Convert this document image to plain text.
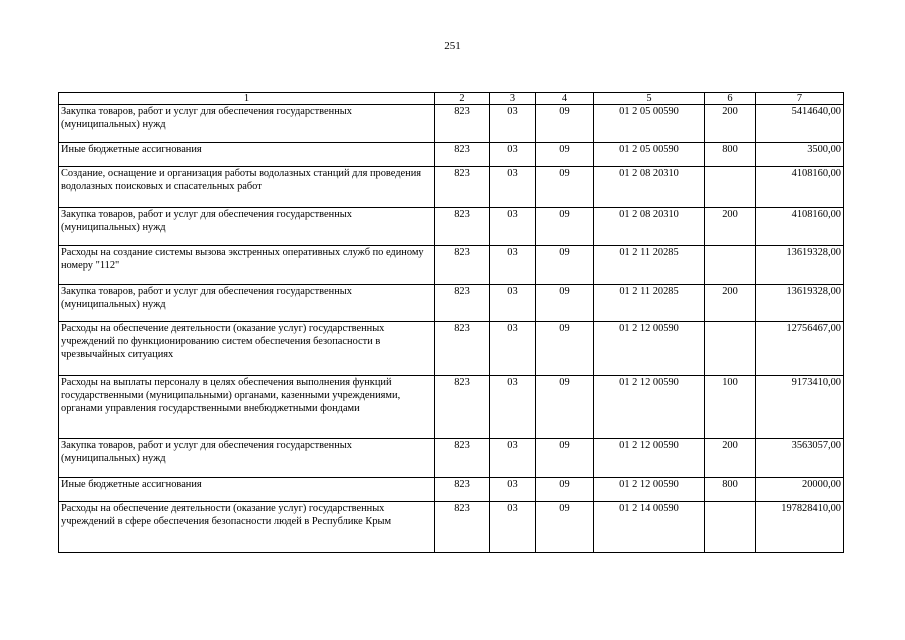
251
1	2	3	4	5	6	7
Закупка товаров, работ и услуг для обеспечения государственных (муниципальных) нужд	823	03	09	01 2 05 00590	200	5414640,00
Иные бюджетные ассигнования	823	03	09	01 2 05 00590	800	3500,00
Создание, оснащение и организация работы водолазных станций для проведения водолазных поисковых и спасательных работ	823	03	09	01 2 08 20310		4108160,00
Закупка товаров, работ и услуг для обеспечения государственных (муниципальных) нужд	823	03	09	01 2 08 20310	200	4108160,00
Расходы на создание системы вызова экстренных оперативных служб по единому номеру "112"	823	03	09	01 2 11 20285		13619328,00
Закупка товаров, работ и услуг для обеспечения государственных (муниципальных) нужд	823	03	09	01 2 11 20285	200	13619328,00
Расходы на обеспечение деятельности (оказание услуг) государственных учреждений по функционированию систем обеспечения безопасности в чрезвычайных ситуациях	823	03	09	01 2 12 00590		12756467,00
Расходы на выплаты персоналу в целях обеспечения выполнения функций государственными (муниципальными) органами, казенными учреждениями, органами управления государственными внебюджетными фондами	823	03	09	01 2 12 00590	100	9173410,00
Закупка товаров, работ и услуг для обеспечения государственных (муниципальных) нужд	823	03	09	01 2 12 00590	200	3563057,00
Иные бюджетные ассигнования	823	03	09	01 2 12 00590	800	20000,00
Расходы на обеспечение деятельности (оказание услуг) государственных учреждений в сфере обеспечения безопасности людей в Республике Крым	823	03	09	01 2 14 00590		197828410,00
